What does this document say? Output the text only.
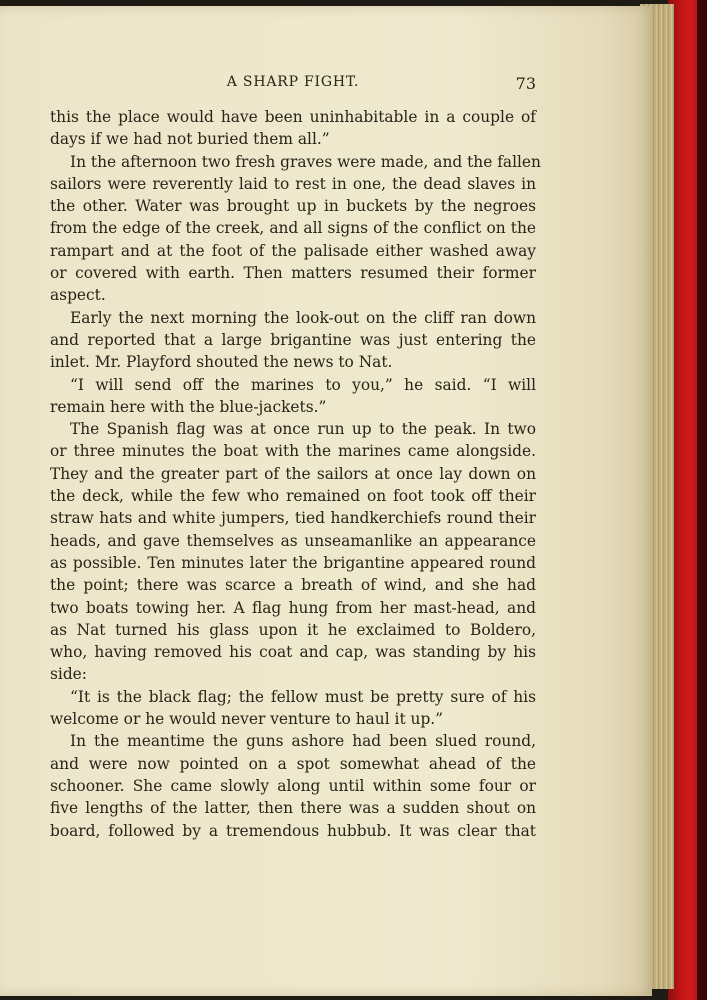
A SHARP FIGHT.	73
this the place would have been uninhabitable in a couple of
days if we had not buried them all.”
In the afternoon two fresh graves were made, and the fallen
sailors were reverently laid to rest in one, the dead slaves in
the other. Water was brought up in buckets by the negroes
from the edge of the creek, and all signs of the conflict on the
rampart and at the foot of the palisade either washed away
or covered with earth. Then matters resumed their former
aspect.
Early the next morning the look-out on the cliff ran down
and reported that a large brigantine was just entering the
inlet. Mr. Playford shouted the news to Nat.
“I will send off the marines to you,” he said. “I will
remain here with the blue-jackets.”
The Spanish flag was at once run up to the peak. In two
or three minutes the boat with the marines came alongside.
They and the greater part of the sailors at once lay down on
the deck, while the few who remained on foot took off their
straw hats and white jumpers, tied handkerchiefs round their
heads, and gave themselves as unseamanlike an appearance
as possible. Ten minutes later the brigantine appeared round
the point; there was scarce a breath of wind, and she had
two boats towing her. A flag hung from her mast-head, and
as Nat turned his glass upon it he exclaimed to Boldero,
who, having removed his coat and cap, was standing by his
side:
“It is the black flag; the fellow must be pretty sure of his
welcome or he would never venture to haul it up.”
In the meantime the guns ashore had been slued round,
and were now pointed on a spot somewhat ahead of the
schooner. She came slowly along until within some four or
five lengths of the latter, then there was a sudden shout on
board, followed by a tremendous hubbub. It was clear that
